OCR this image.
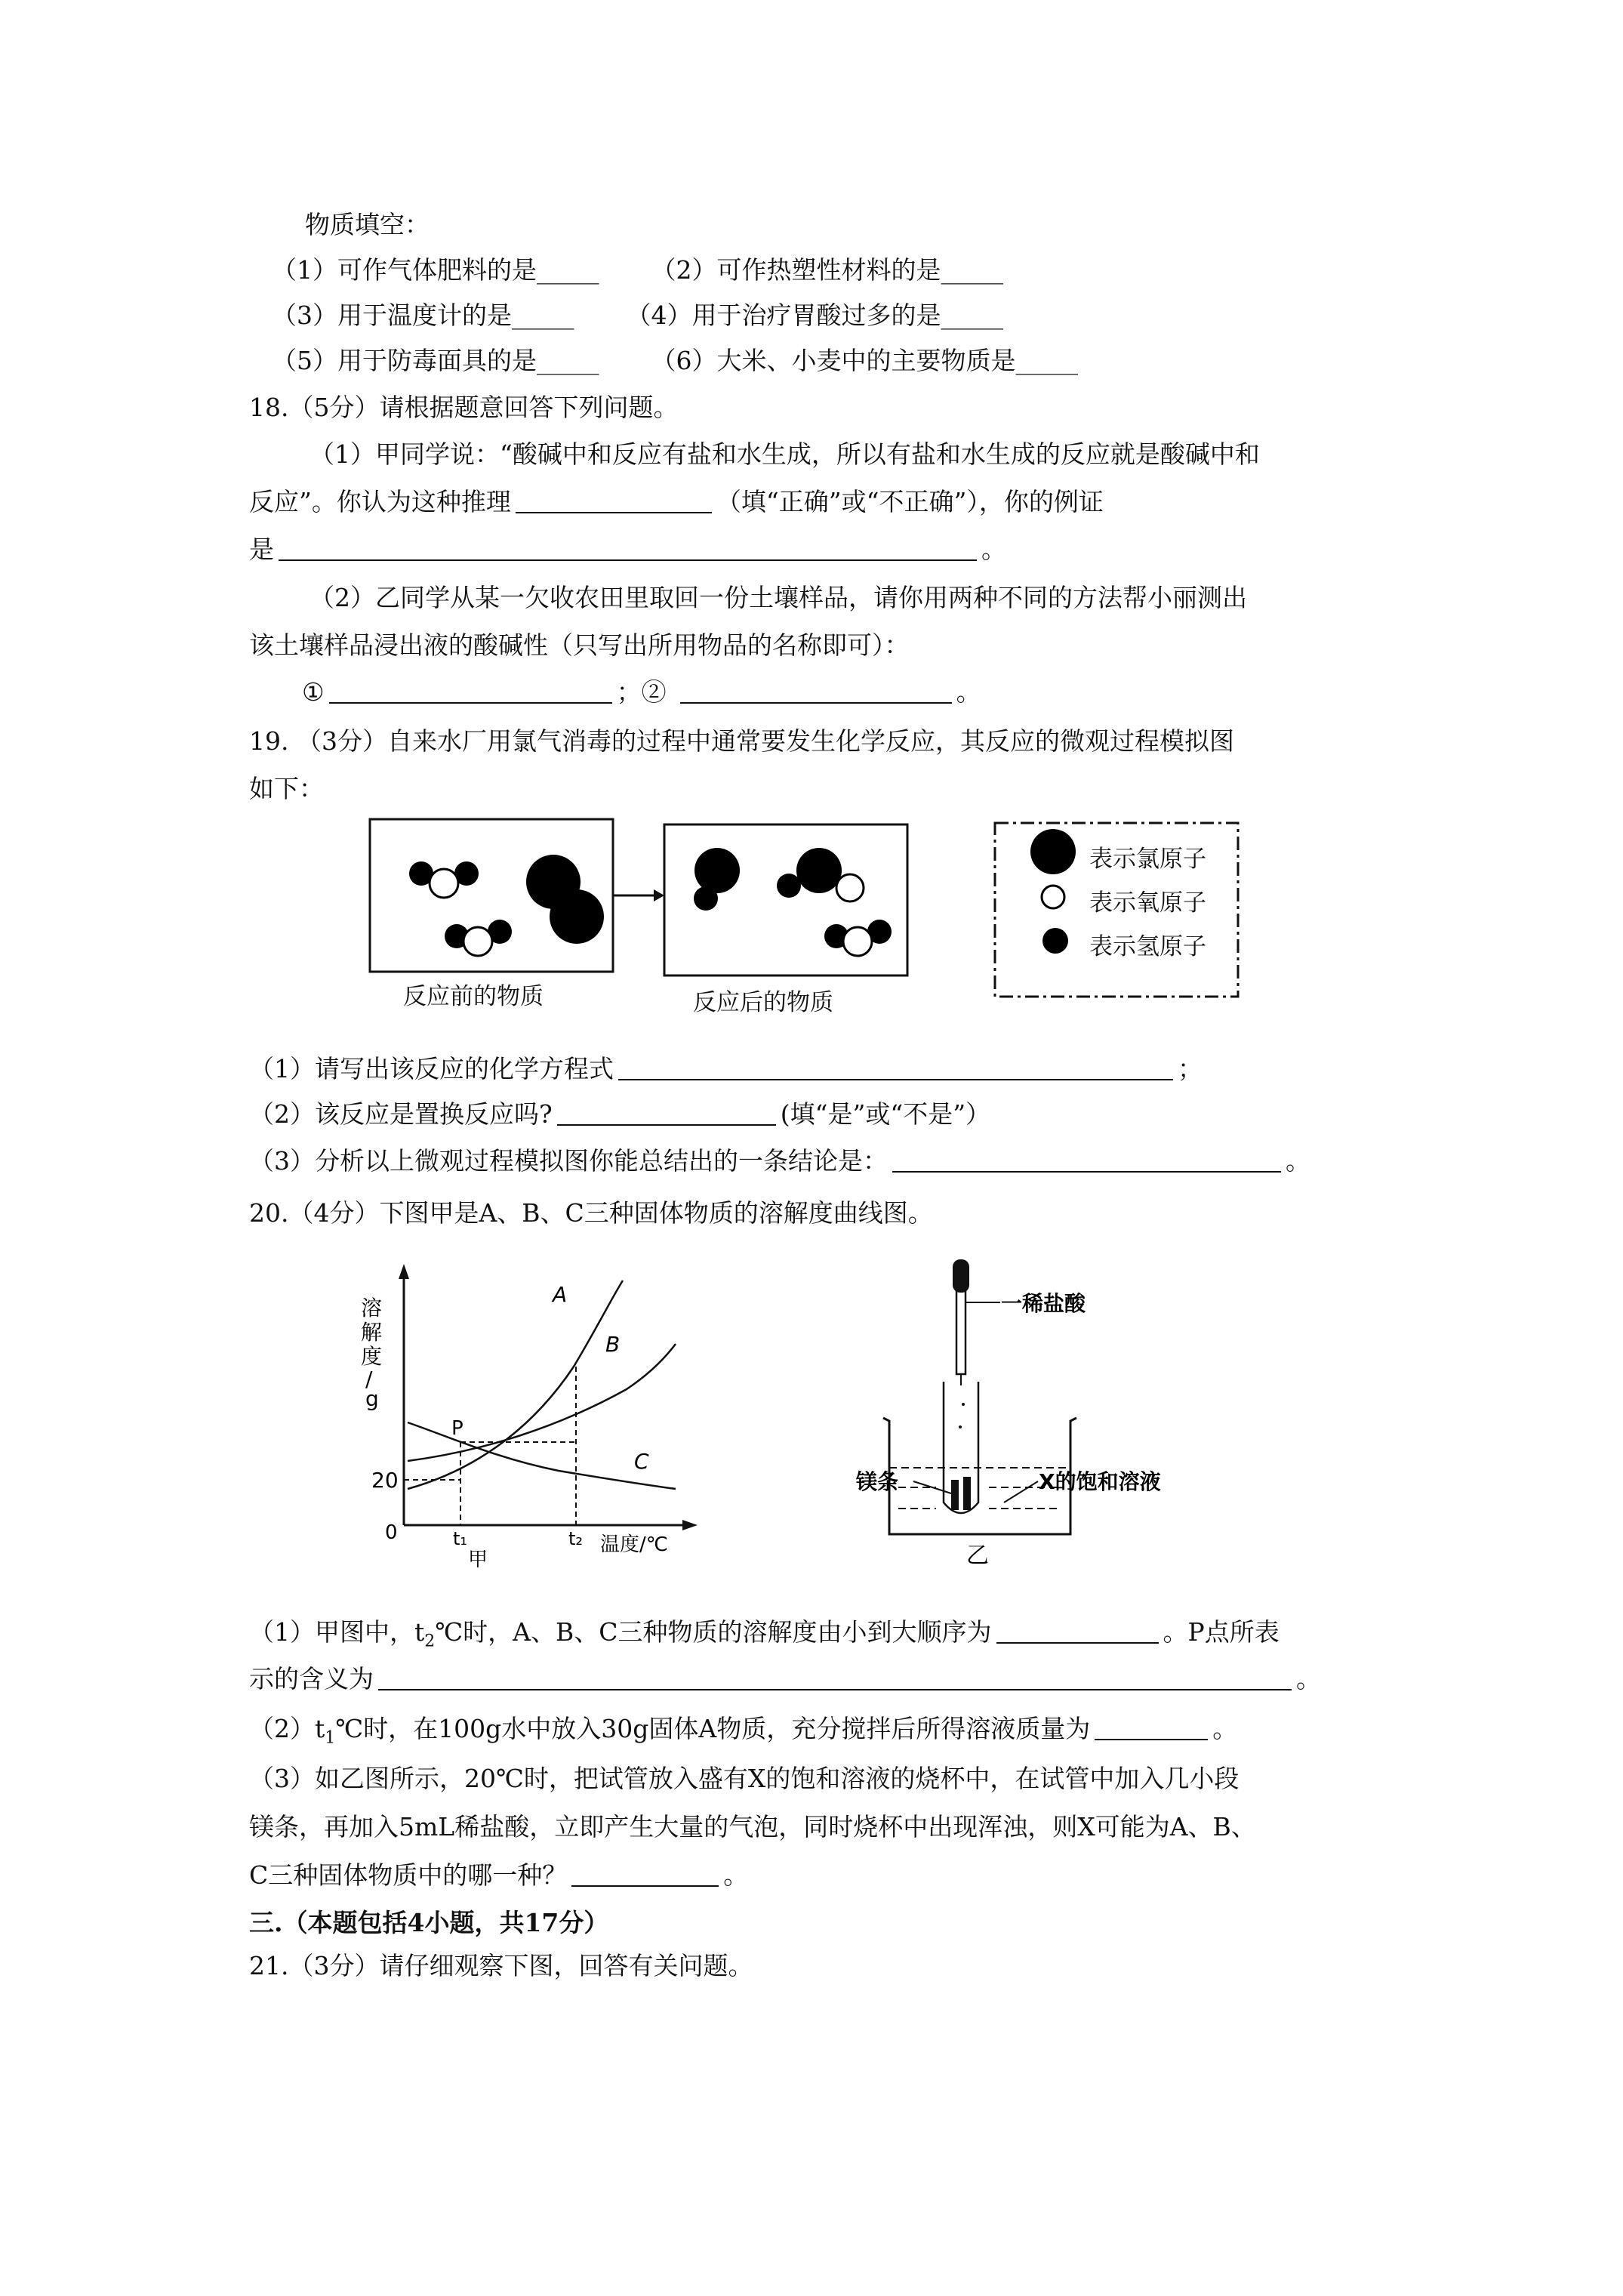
物质填空：
（1）可作气体肥料的是_____ （2）可作热塑性材料的是_____
（3）用于温度计的是_____ （4）用于治疗胃酸过多的是_____
（5）用于防毒面具的是_____ （6）大米、小麦中的主要物质是_____
18.（5分）请根据题意回答下列问题。
（1）甲同学说：“酸碱中和反应有盐和水生成，所以有盐和水生成的反应就是酸碱中和
反应”。你认为这种推理	（填“正确”或“不正确”），你的例证
是	。
（2）乙同学从某一欠收农田里取回一份土壤样品，请你用两种不同的方法帮小丽测出
该土壤样品浸出液的酸碱性（只写出所用物品的名称即可）：
①	；②	。
19. （3分）自来水厂用氯气消毒的过程中通常要发生化学反应，其反应的微观过程模拟图
如下：
反应前的物质	反应后的物质
表示氯原子
表示氧原子
表示氢原子
（1）请写出该反应的化学方程式	；
（2）该反应是置换反应吗?	(填“是”或“不是”）
（3）分析以上微观过程模拟图你能总结出的一条结论是：	。
20.（4分）下图甲是A、B、C三种固体物质的溶解度曲线图。
溶
解
度
/
g
20
0
P
A
B
C
t₁	t₂ 温度/℃
甲
一稀盐酸
镁条	X的饱和溶液
乙
（1）甲图中，$t_2℃$时，A、B、C三种物质的溶解度由小到大顺序为	。P点所表
示的含义为	。
$(2)t_1℃$时，在100g水中放入30g固体A物质，充分搅拌后所得溶液质量为	。
（3）如乙图所示，20℃时，把试管放入盛有X的饱和溶液的烧杯中，在试管中加入几小段
镁条，再加入5mL稀盐酸，立即产生大量的气泡，同时烧杯中出现浑浊，则X可能为A、B、
C三种固体物质中的哪一种？	。
三.（本题包括4小题，共17分）
21.（3分）请仔细观察下图，回答有关问题。
